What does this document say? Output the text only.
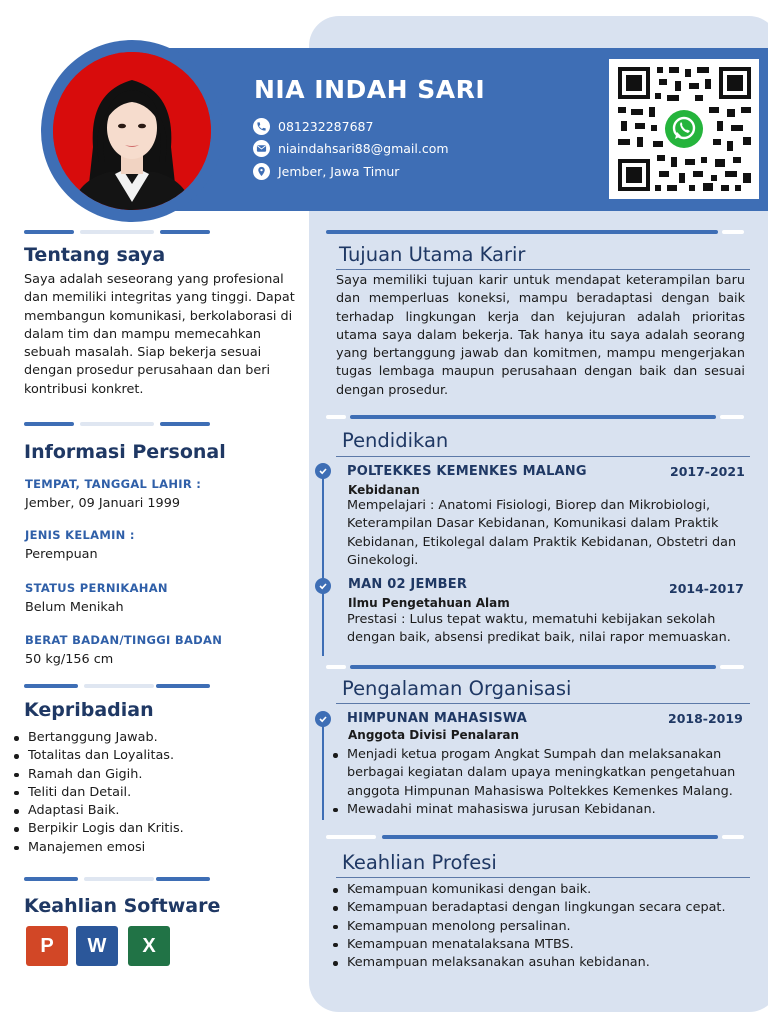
NIA INDAH SARI
081232287687
niaindahsari88@gmail.com
Jember, Jawa Timur
Tentang saya
Saya adalah seseorang yang profesional dan memiliki integritas yang tinggi. Dapat membangun komunikasi, berkolaborasi di dalam tim dan mampu memecahkan sebuah masalah. Siap bekerja sesuai dengan prosedur perusahaan dan beri kontribusi konkret.
Informasi Personal
TEMPAT, TANGGAL LAHIR :
Jember, 09 Januari 1999
JENIS KELAMIN :
Perempuan
STATUS PERNIKAHAN
Belum Menikah
BERAT BADAN/TINGGI BADAN
50 kg/156 cm
Kepribadian
Bertanggung Jawab.
Totalitas dan Loyalitas.
Ramah dan Gigih.
Teliti dan Detail.
Adaptasi Baik.
Berpikir Logis dan Kritis.
Manajemen emosi
Keahlian Software
P W X
Tujuan Utama Karir
Saya memiliki tujuan karir untuk mendapat keterampilan baru dan memperluas koneksi, mampu beradaptasi dengan baik terhadap lingkungan kerja dan kejujuran adalah prioritas utama saya dalam bekerja. Tak hanya itu saya adalah seorang yang bertanggung jawab dan komitmen, mampu mengerjakan tugas lembaga maupun perusahaan dengan baik dan sesuai dengan prosedur.
Pendidikan
POLTEKKES KEMENKES MALANG	2017-2021
Kebidanan
Mempelajari : Anatomi Fisiologi, Biorep dan Mikrobiologi, Keterampilan Dasar Kebidanan, Komunikasi dalam Praktik Kebidanan, Etikolegal dalam Praktik Kebidanan, Obstetri dan Ginekologi.
MAN 02 JEMBER	2014-2017
Ilmu Pengetahuan Alam
Prestasi : Lulus tepat waktu, mematuhi kebijakan sekolah dengan baik, absensi predikat baik, nilai rapor memuaskan.
Pengalaman Organisasi
HIMPUNAN MAHASISWA	2018-2019
Anggota Divisi Penalaran
Menjadi ketua progam Angkat Sumpah dan melaksanakan berbagai kegiatan dalam upaya meningkatkan pengetahuan anggota Himpunan Mahasiswa Poltekkes Kemenkes Malang.
Mewadahi minat mahasiswa jurusan Kebidanan.
Keahlian Profesi
Kemampuan komunikasi dengan baik.
Kemampuan beradaptasi dengan lingkungan secara cepat.
Kemampuan menolong persalinan.
Kemampuan menatalaksana MTBS.
Kemampuan melaksanakan asuhan kebidanan.
